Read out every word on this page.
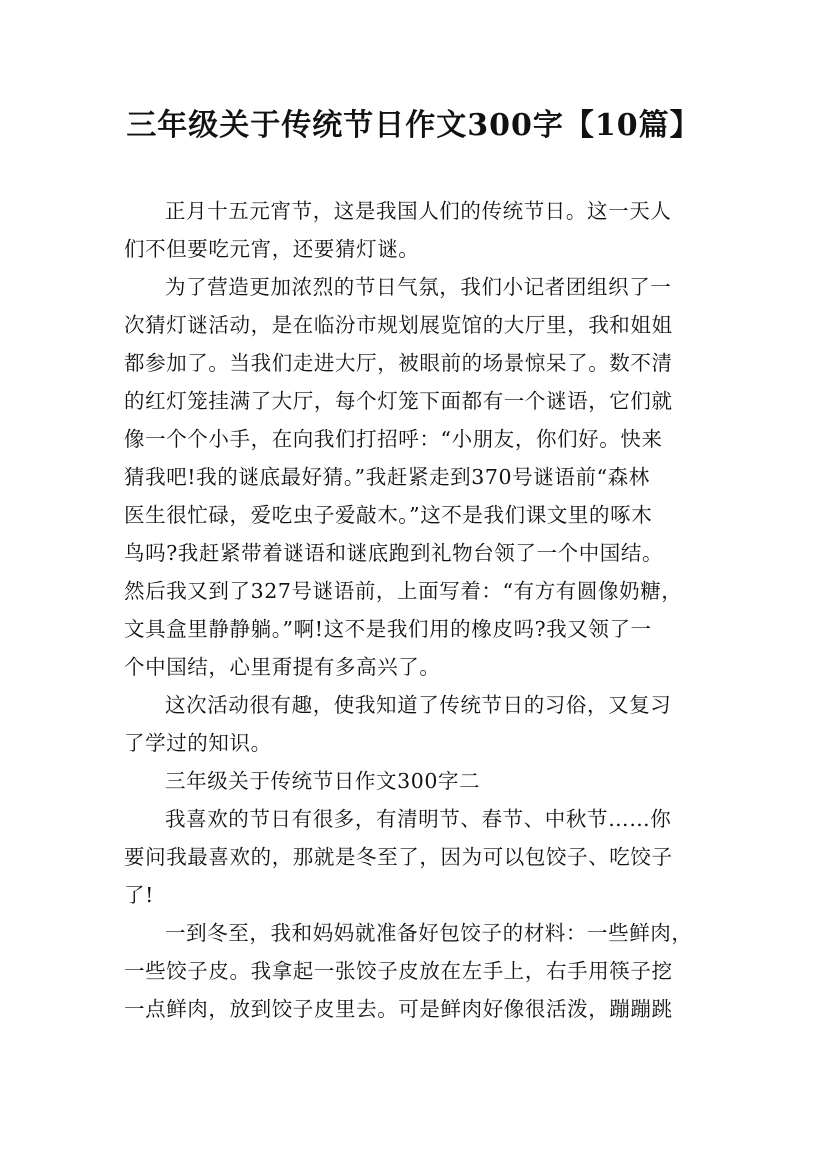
三年级关于传统节日作文300字【10篇】

正月十五元宵节，这是我国人们的传统节日。这一天人
们不但要吃元宵，还要猜灯谜。

为了营造更加浓烈的节日气氛，我们小记者团组织了一
次猜灯谜活动，是在临汾市规划展览馆的大厅里，我和姐姐
都参加了。当我们走进大厅，被眼前的场景惊呆了。数不清
的红灯笼挂满了大厅，每个灯笼下面都有一个谜语，它们就
像一个个小手，在向我们打招呼：“小朋友，你们好。快来
猜我吧!我的谜底最好猜。”我赶紧走到370号谜语前“森林
医生很忙碌，爱吃虫子爱敲木。”这不是我们课文里的啄木
鸟吗?我赶紧带着谜语和谜底跑到礼物台领了一个中国结。
然后我又到了327号谜语前，上面写着：“有方有圆像奶糖，
文具盒里静静躺。”啊!这不是我们用的橡皮吗?我又领了一
个中国结，心里甭提有多高兴了。

这次活动很有趣，使我知道了传统节日的习俗，又复习
了学过的知识。

三年级关于传统节日作文300字二

我喜欢的节日有很多，有清明节、春节、中秋节……你
要问我最喜欢的，那就是冬至了，因为可以包饺子、吃饺子
了!

一到冬至，我和妈妈就准备好包饺子的材料：一些鲜肉，
一些饺子皮。我拿起一张饺子皮放在左手上，右手用筷子挖
一点鲜肉，放到饺子皮里去。可是鲜肉好像很活泼，蹦蹦跳
